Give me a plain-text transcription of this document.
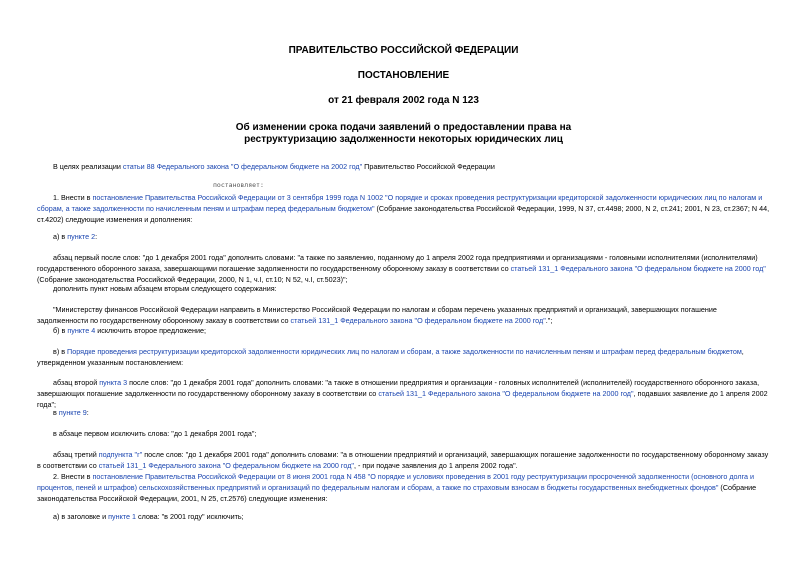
ПРАВИТЕЛЬСТВО РОССИЙСКОЙ ФЕДЕРАЦИИ
ПОСТАНОВЛЕНИЕ
от 21 февраля 2002 года N 123
Об изменении срока подачи заявлений о предоставлении права на
реструктуризацию задолженности некоторых юридических лиц
В целях реализации статьи 88 Федерального закона "О федеральном бюджете на 2002 год" Правительство Российской Федерации
постановляет:
1. Внести в постановление Правительства Российской Федерации от 3 сентября 1999 года N 1002 "О порядке и сроках проведения реструктуризации кредиторской задолженности юридических лиц по налогам и сборам, а также задолженности по начисленным пеням и штрафам перед федеральным бюджетом" (Собрание законодательства Российской Федерации, 1999, N 37, ст.4498; 2000, N 2, ст.241; 2001, N 23, ст.2367; N 44, ст.4202) следующие изменения и дополнения:
а) в пункте 2:
абзац первый после слов: "до 1 декабря 2001 года" дополнить словами: "а также по заявлению, поданному до 1 апреля 2002 года предприятиями и организациями - головными исполнителями (исполнителями) государственного оборонного заказа, завершающими погашение задолженности по государственному оборонному заказу в соответствии со статьей 131_1 Федерального закона "О федеральном бюджете на 2000 год" (Собрание законодательства Российской Федерации, 2000, N 1, ч.I, ст.10; N 52, ч.I, ст.5023)";
дополнить пункт новым абзацем вторым следующего содержания:
"Министерству финансов Российской Федерации направить в Министерство Российской Федерации по налогам и сборам перечень указанных предприятий и организаций, завершающих погашение задолженности по государственному оборонному заказу в соответствии со статьей 131_1 Федерального закона "О федеральном бюджете на 2000 год".";
б) в пункте 4 исключить второе предложение;
в) в Порядке проведения реструктуризации кредиторской задолженности юридических лиц по налогам и сборам, а также задолженности по начисленным пеням и штрафам перед федеральным бюджетом, утвержденном указанным постановлением:
абзац второй пункта 3 после слов: "до 1 декабря 2001 года" дополнить словами: "а также в отношении предприятия и организации - головных исполнителей (исполнителей) государственного оборонного заказа, завершающих погашение задолженности по государственному оборонному заказу в соответствии со статьей 131_1 Федерального закона "О федеральном бюджете на 2000 год", подавших заявление до 1 апреля 2002 года";
в пункте 9:
в абзаце первом исключить слова: "до 1 декабря 2001 года";
абзац третий подпункта "г" после слов: "до 1 декабря 2001 года" дополнить словами: "а в отношении предприятий и организаций, завершающих погашение задолженности по государственному оборонному заказу в соответствии со статьей 131_1 Федерального закона "О федеральном бюджете на 2000 год", - при подаче заявления до 1 апреля 2002 года".
2. Внести в постановление Правительства Российской Федерации от 8 июня 2001 года N 458 "О порядке и условиях проведения в 2001 году реструктуризации просроченной задолженности (основного долга и процентов, пеней и штрафов) сельскохозяйственных предприятий и организаций по федеральным налогам и сборам, а также по страховым взносам в бюджеты государственных внебюджетных фондов" (Собрание законодательства Российской Федерации, 2001, N 25, ст.2576) следующие изменения:
а) в заголовке и пункте 1 слова: "в 2001 году" исключить;
